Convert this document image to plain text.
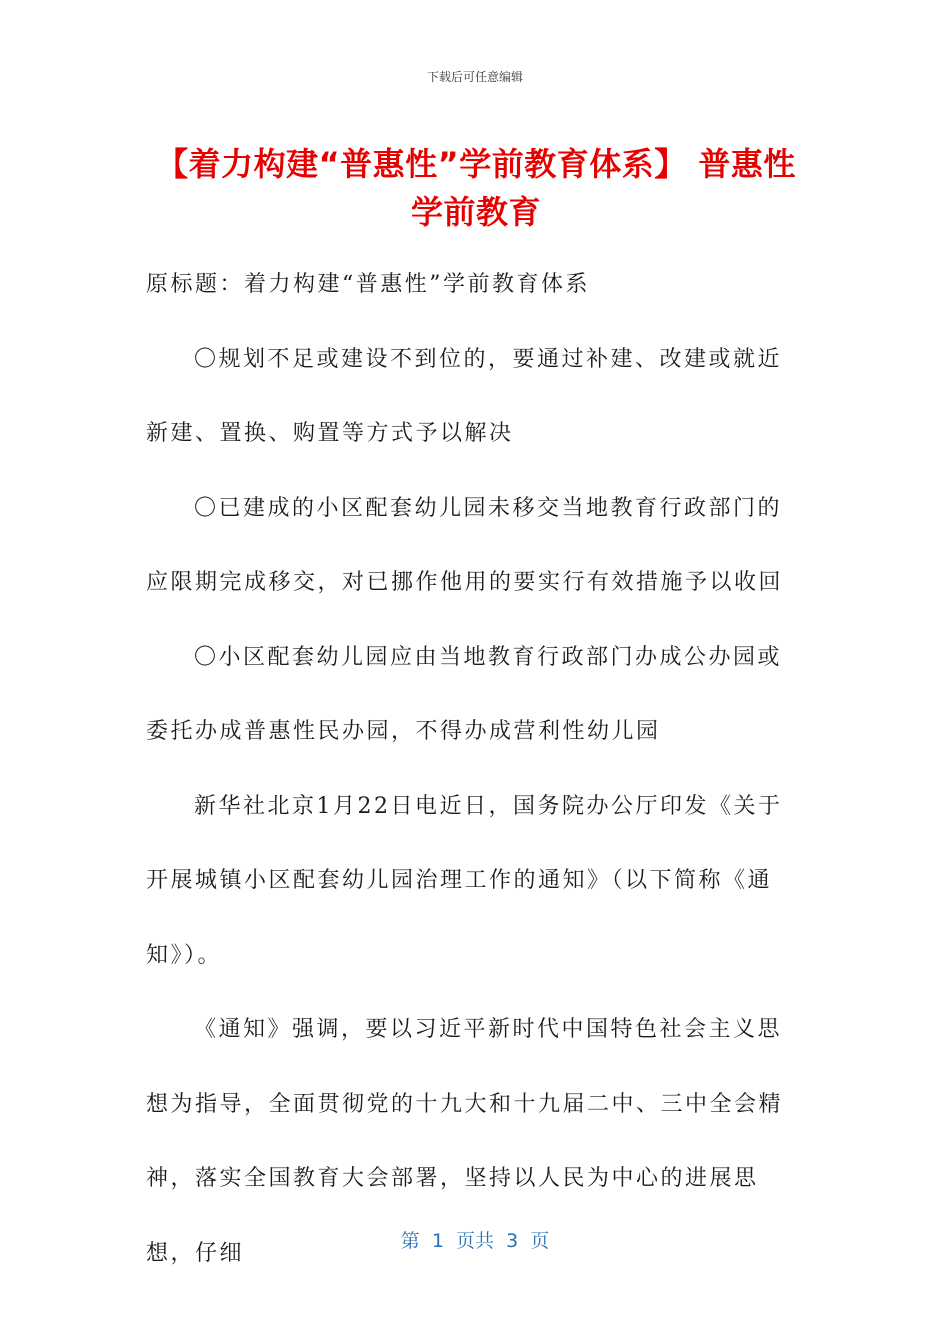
下载后可任意编辑
【着力构建“普惠性”学前教育体系】 普惠性学前教育

原标题：着力构建“普惠性”学前教育体系

〇规划不足或建设不到位的，要通过补建、改建或就近新建、置换、购置等方式予以解决

〇已建成的小区配套幼儿园未移交当地教育行政部门的应限期完成移交，对已挪作他用的要实行有效措施予以收回

〇小区配套幼儿园应由当地教育行政部门办成公办园或委托办成普惠性民办园，不得办成营利性幼儿园

新华社北京1月22日电近日，国务院办公厅印发《关于开展城镇小区配套幼儿园治理工作的通知》（以下简称《通知》）。

《通知》强调，要以习近平新时代中国特色社会主义思想为指导，全面贯彻党的十九大和十九届二中、三中全会精神，落实全国教育大会部署，坚持以人民为中心的进展思想，仔细	第  1  页共  3  页
